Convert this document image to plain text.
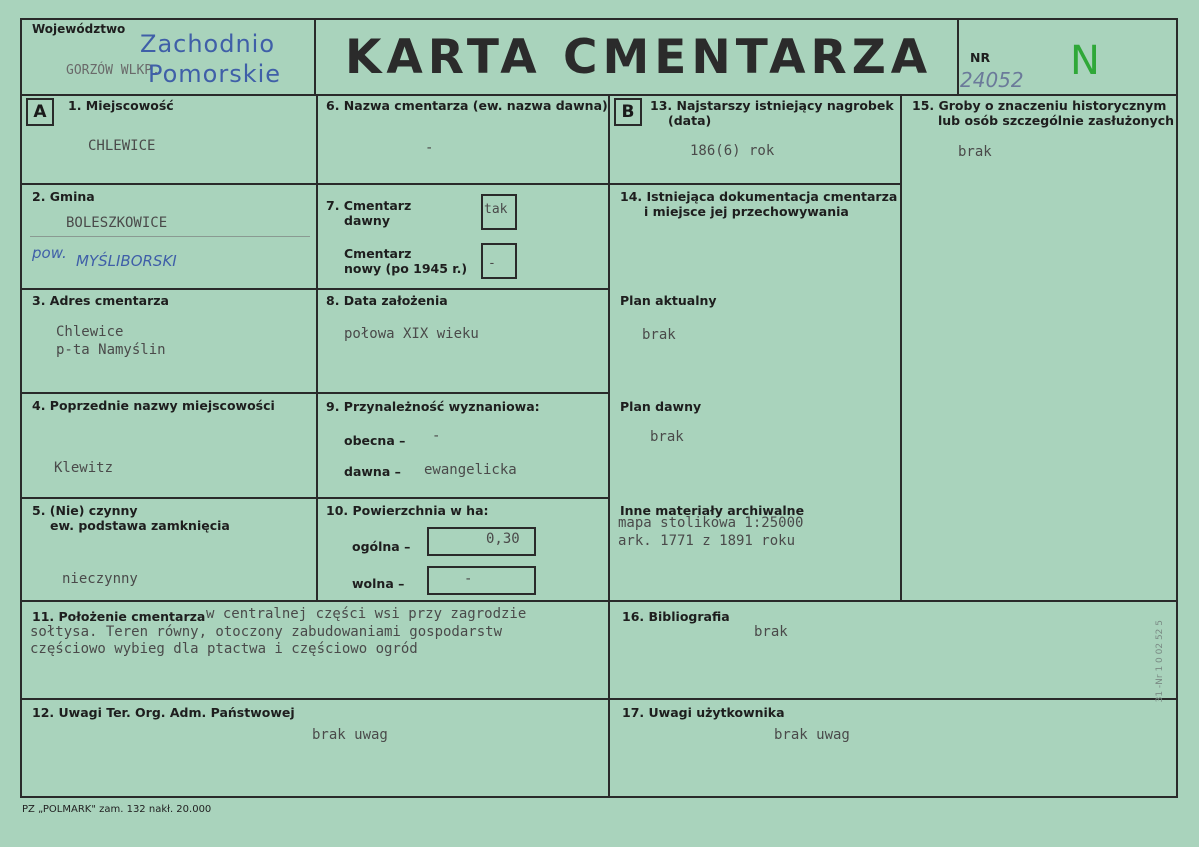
Województwo
GORZÓW WLKP.
Zachodnio
Pomorskie KARTA CMENTARZA	NR
24052 N
A	B
1. Miejscowość
CHLEWICE
2. Gmina
BOLESZKOWICE
pow. MYŚLIBORSKI
3. Adres cmentarza
Chlewice
p-ta Namyślin
4. Poprzednie nazwy miejscowości
Klewitz
5. (Nie) czynny
ew. podstawa zamknięcia
nieczynny
6. Nazwa cmentarza (ew. nazwa dawna)
-
7. Cmentarz
dawny
tak
Cmentarz
nowy (po 1945 r.) -
8. Data założenia
połowa XIX wieku
9. Przynależność wyznaniowa:
obecna – -
dawna – ewangelicka
10. Powierzchnia w ha:
ogólna –	0,30
wolna –	-
13. Najstarszy istniejący nagrobek
(data)
186(6) rok
14. Istniejąca dokumentacja cmentarza
i miejsce jej przechowywania
Plan aktualny
brak
Plan dawny
brak
Inne materiały archiwalne
mapa stolikowa 1:25000
ark. 1771 z 1891 roku
15. Groby o znaczeniu historycznym
lub osób szczególnie zasłużonych
brak
11. Położenie cmentarza w centralnej części wsi przy zagrodzie
sołtysa. Teren równy, otoczony zabudowaniami gospodarstw
częściowo wybieg dla ptactwa i częściowo ogród
16. Bibliografia
brak
12. Uwagi Ter. Org. Adm. Państwowej
brak uwag
17. Uwagi użytkownika
brak uwag
PZ „POLMARK" zam. 132 nakł. 20.000
31 -Nr 1 0 02 52 5
